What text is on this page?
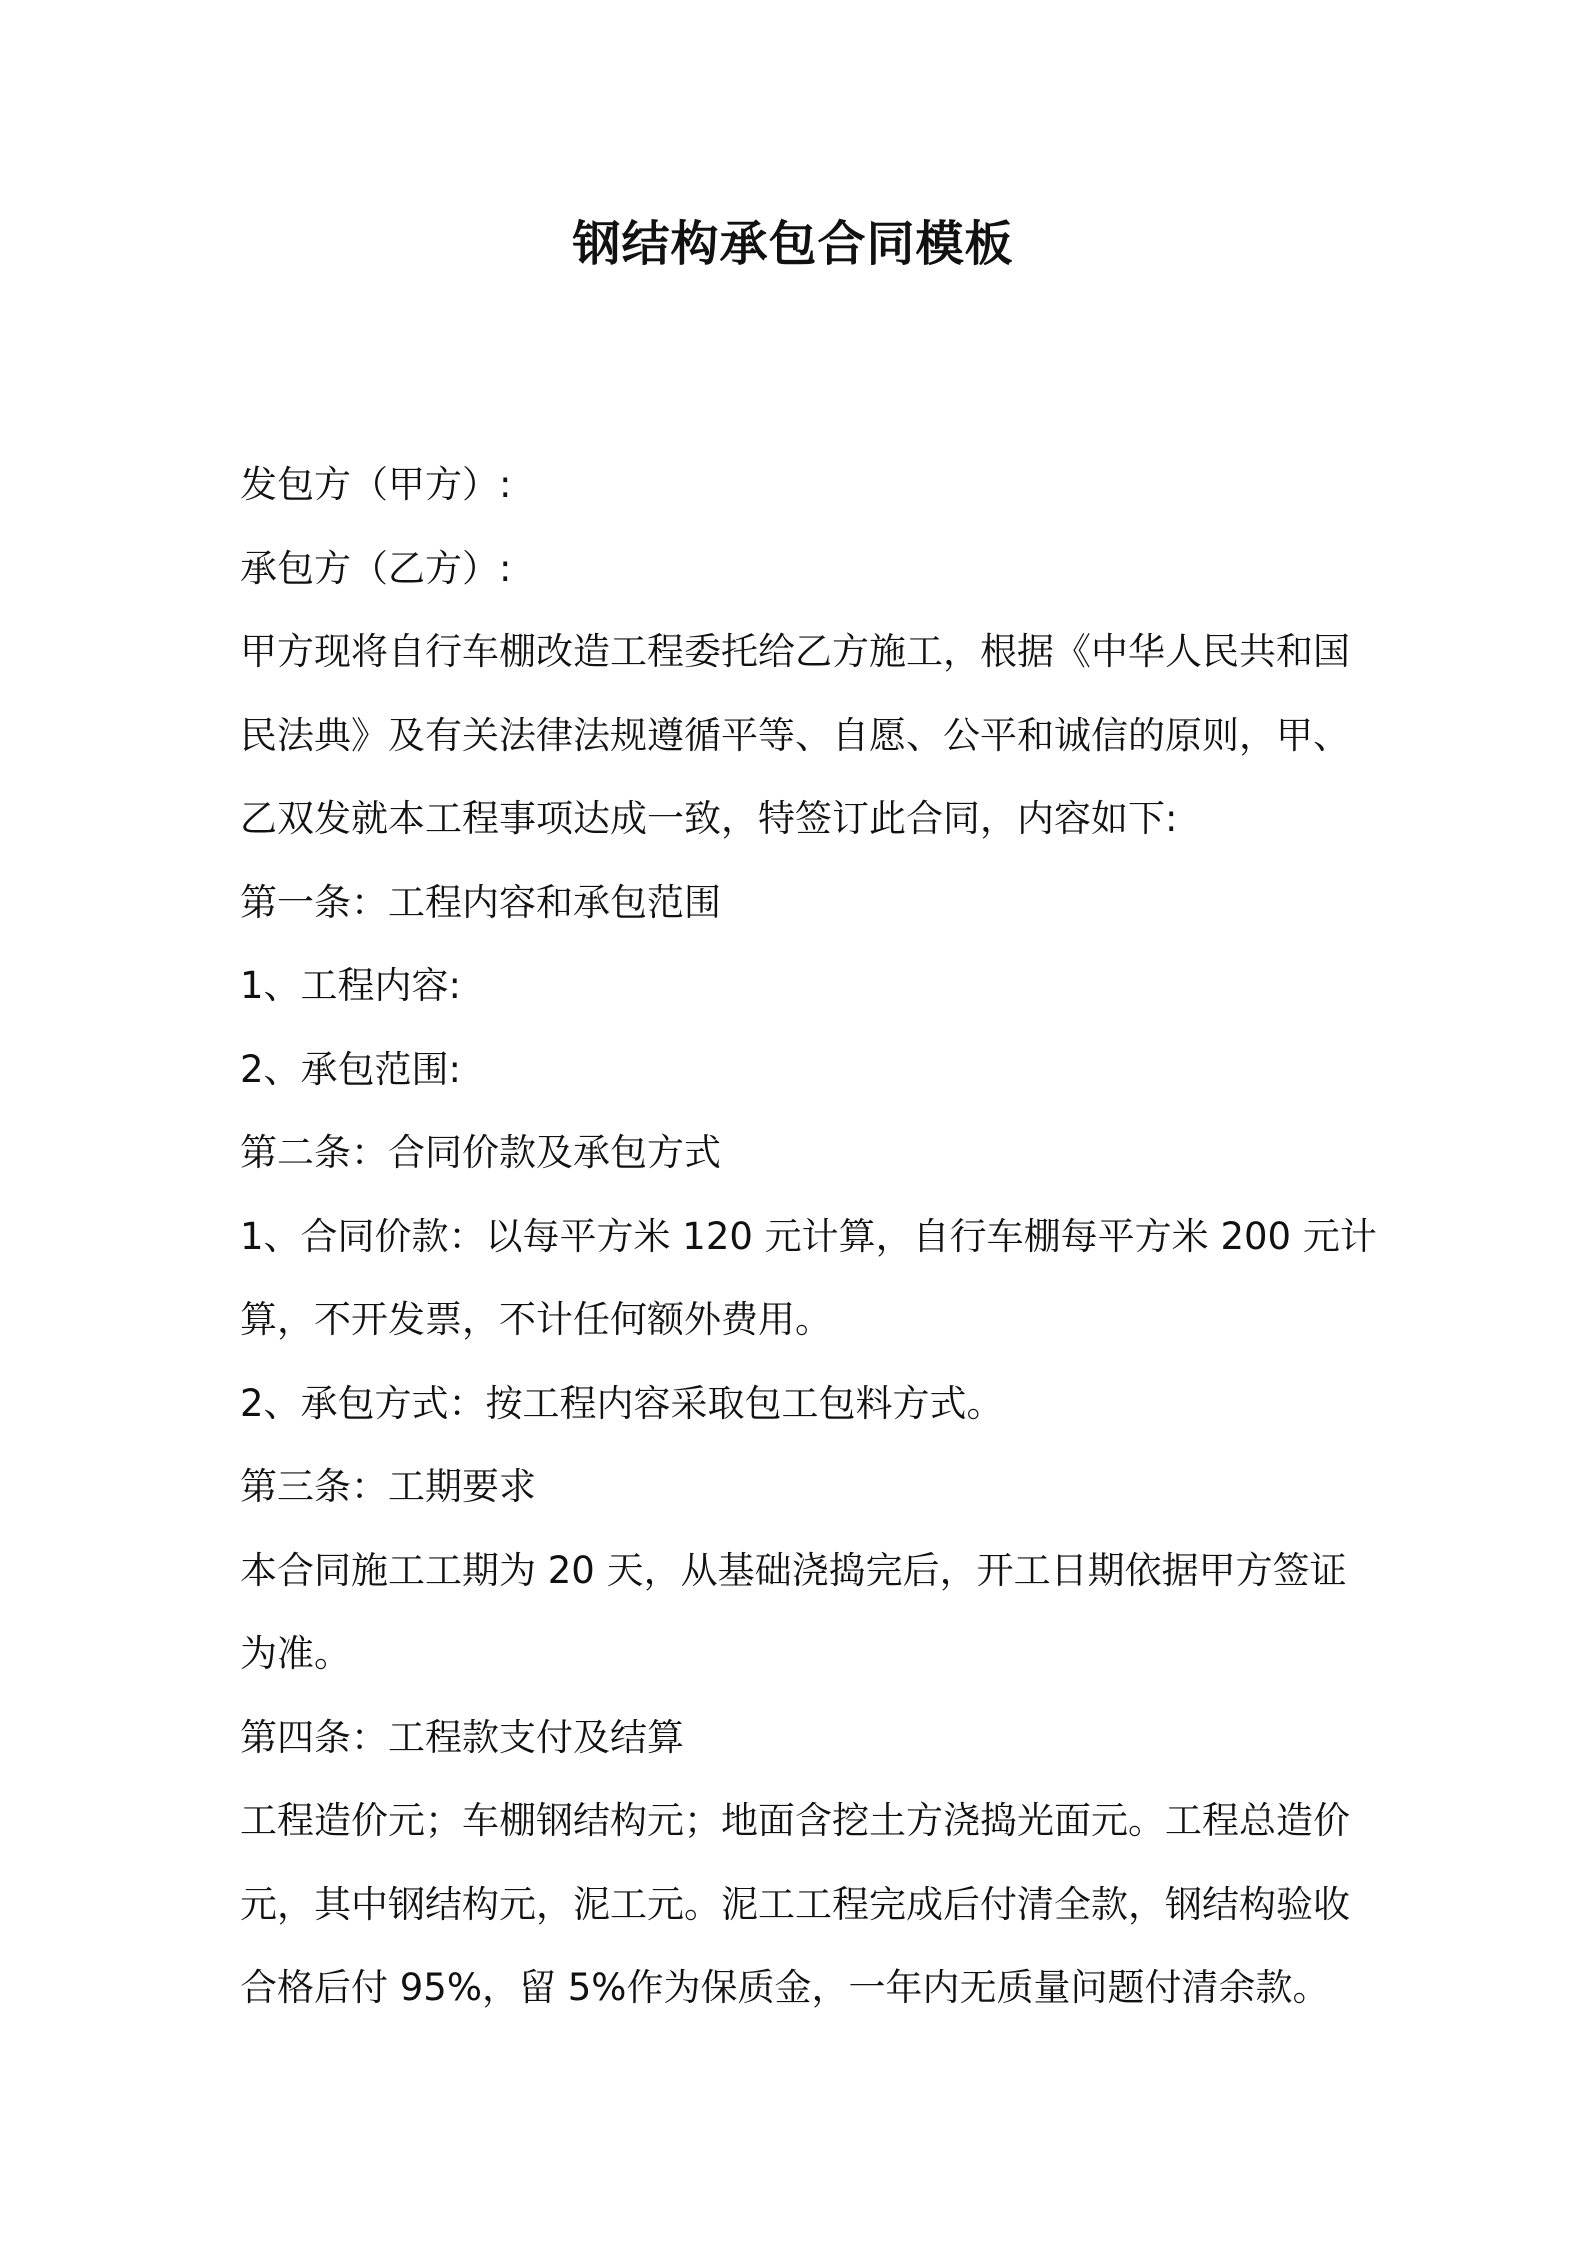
钢结构承包合同模板

发包方（甲方）:

承包方（乙方）:

甲方现将自行车棚改造工程委托给乙方施工，根据《中华人民共和国

民法典》及有关法律法规遵循平等、自愿、公平和诚信的原则，甲、

乙双发就本工程事项达成一致，特签订此合同，内容如下:

第一条：工程内容和承包范围

1、工程内容:

2、承包范围:

第二条：合同价款及承包方式

1、合同价款：以每平方米 120 元计算，自行车棚每平方米 200 元计

算，不开发票，不计任何额外费用。

2、承包方式：按工程内容采取包工包料方式。

第三条：工期要求

本合同施工工期为 20 天，从基础浇捣完后，开工日期依据甲方签证

为准。

第四条：工程款支付及结算

工程造价元；车棚钢结构元；地面含挖土方浇捣光面元。工程总造价

元，其中钢结构元，泥工元。泥工工程完成后付清全款，钢结构验收

合格后付 95%，留 5%作为保质金，一年内无质量问题付清余款。
